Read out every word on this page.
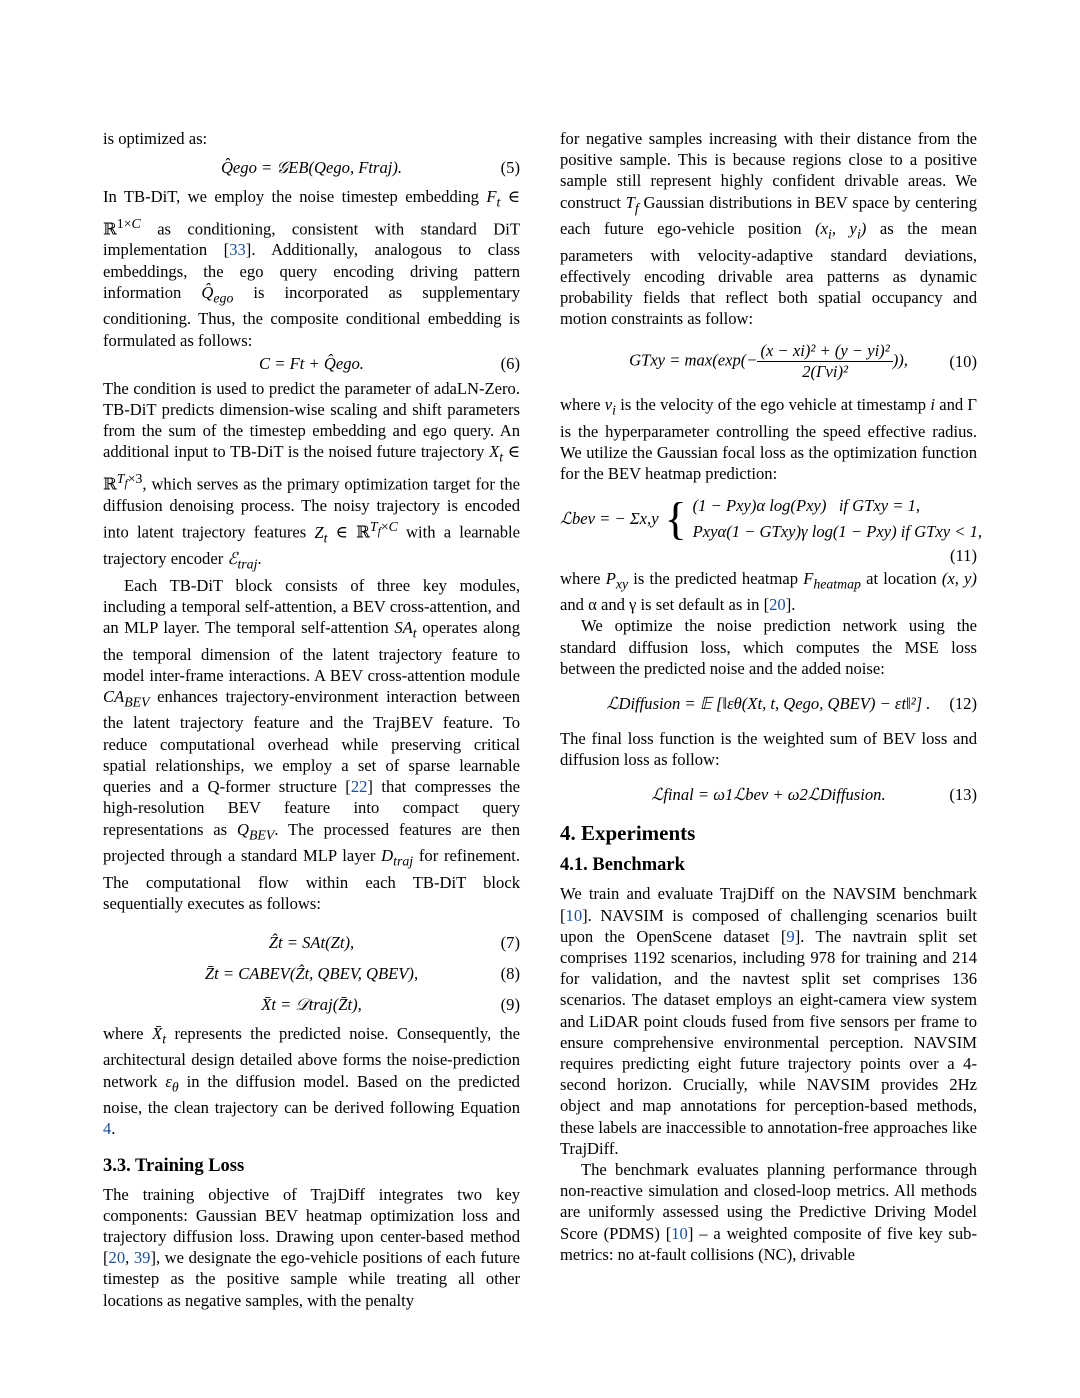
is optimized as:

Q̂ego = 𝒢EB(Qego, Ftraj).	(5)

In TB-DiT, we employ the noise timestep embedding $F_t$ ∈ ℝ$^{1\times C}$ as conditioning, consistent with standard DiT implementation [33]. Additionally, analogous to class embeddings, the ego query encoding driving pattern information $Q̂_{ego}$ is incorporated as supplementary conditioning. Thus, the composite conditional embedding is formulated as follows:

C = Ft + Q̂ego.	(6)

The condition is used to predict the parameter of adaLN-Zero. TB-DiT predicts dimension-wise scaling and shift parameters from the sum of the timestep embedding and ego query. An additional input to TB-DiT is the noised future trajectory $X_t$ ∈ ℝ$^{T_f\times 3}$, which serves as the primary optimization target for the diffusion denoising process. The noisy trajectory is encoded into latent trajectory features $Z_t$ ∈ ℝ$^{T_f\times C}$ with a learnable trajectory encoder ℰ$_{traj}$.

Each TB-DiT block consists of three key modules, including a temporal self-attention, a BEV cross-attention, and an MLP layer. The temporal self-attention $SA_t$ operates along the temporal dimension of the latent trajectory feature to model inter-frame interactions. A BEV cross-attention module $CA_{BEV}$ enhances trajectory-environment interaction between the latent trajectory feature and the TrajBEV feature. To reduce computational overhead while preserving critical spatial relationships, we employ a set of sparse learnable queries and a Q-former structure [22] that compresses the high-resolution BEV feature into compact query representations as $Q_{BEV}$. The processed features are then projected through a standard MLP layer $D_{traj}$ for refinement. The computational flow within each TB-DiT block sequentially executes as follows:

Ẑt = SAt(Zt),	(7)
Z̄t = CABEV(Ẑt, QBEV, QBEV),	(8)
X̄t = 𝒟traj(Z̄t),	(9)

where $X̄_t$ represents the predicted noise. Consequently, the architectural design detailed above forms the noise-prediction network $\varepsilon_\theta$ in the diffusion model. Based on the predicted noise, the clean trajectory can be derived following Equation 4.

3.3. Training Loss

The training objective of TrajDiff integrates two key components: Gaussian BEV heatmap optimization loss and trajectory diffusion loss. Drawing upon center-based method [20, 39], we designate the ego-vehicle positions of each future timestep as the positive sample while treating all other locations as negative samples, with the penalty

for negative samples increasing with their distance from the positive sample. This is because regions close to a positive sample still represent highly confident drivable areas. We construct $T_f$ Gaussian distributions in BEV space by centering each future ego-vehicle position ($x_i$, $y_i$) as the mean parameters with velocity-adaptive standard deviations, effectively encoding drivable area patterns as dynamic probability fields that reflect both spatial occupancy and motion constraints as follow:

GTxy = $\max(\exp(- \frac{\text{(x − xi)² + (y − yi)²}}{\text{2(Γvi)²}}$ )), (10)

where $v_i$ is the velocity of the ego vehicle at timestamp i and Γ is the hyperparameter controlling the speed effective radius. We utilize the Gaussian focal loss as the optimization function for the BEV heatmap prediction:

ℒbev = − Σx,y { (1 − Pxy)α log(Pxy) if GTxy = 1,
Pxyα(1 − GTxy)γ log(1 − Pxy) if GTxy < 1,
(11)

where $P_{xy}$ is the predicted heatmap $F_{heatmap}$ at location (x, y) and α and γ is set default as in [20].

We optimize the noise prediction network using the standard diffusion loss, which computes the MSE loss between the predicted noise and the added noise:

ℒDiffusion = 𝔼 [‖εθ(Xt, t, Qego, QBEV) − εt‖²] . (12)

The final loss function is the weighted sum of BEV loss and diffusion loss as follow:

ℒfinal = ω1ℒbev + ω2ℒDiffusion.	(13)
4. Experiments
4.1. Benchmark

We train and evaluate TrajDiff on the NAVSIM benchmark [10]. NAVSIM is composed of challenging scenarios built upon the OpenScene dataset [9]. The navtrain split set comprises 1192 scenarios, including 978 for training and 214 for validation, and the navtest split set comprises 136 scenarios. The dataset employs an eight-camera view system and LiDAR point clouds fused from five sensors per frame to ensure comprehensive environmental perception. NAVSIM requires predicting eight future trajectory points over a 4-second horizon. Crucially, while NAVSIM provides 2Hz object and map annotations for perception-based methods, these labels are inaccessible to annotation-free approaches like TrajDiff.

The benchmark evaluates planning performance through non-reactive simulation and closed-loop metrics. All methods are uniformly assessed using the Predictive Driving Model Score (PDMS) [10] – a weighted composite of five key sub-metrics: no at-fault collisions (NC), drivable
